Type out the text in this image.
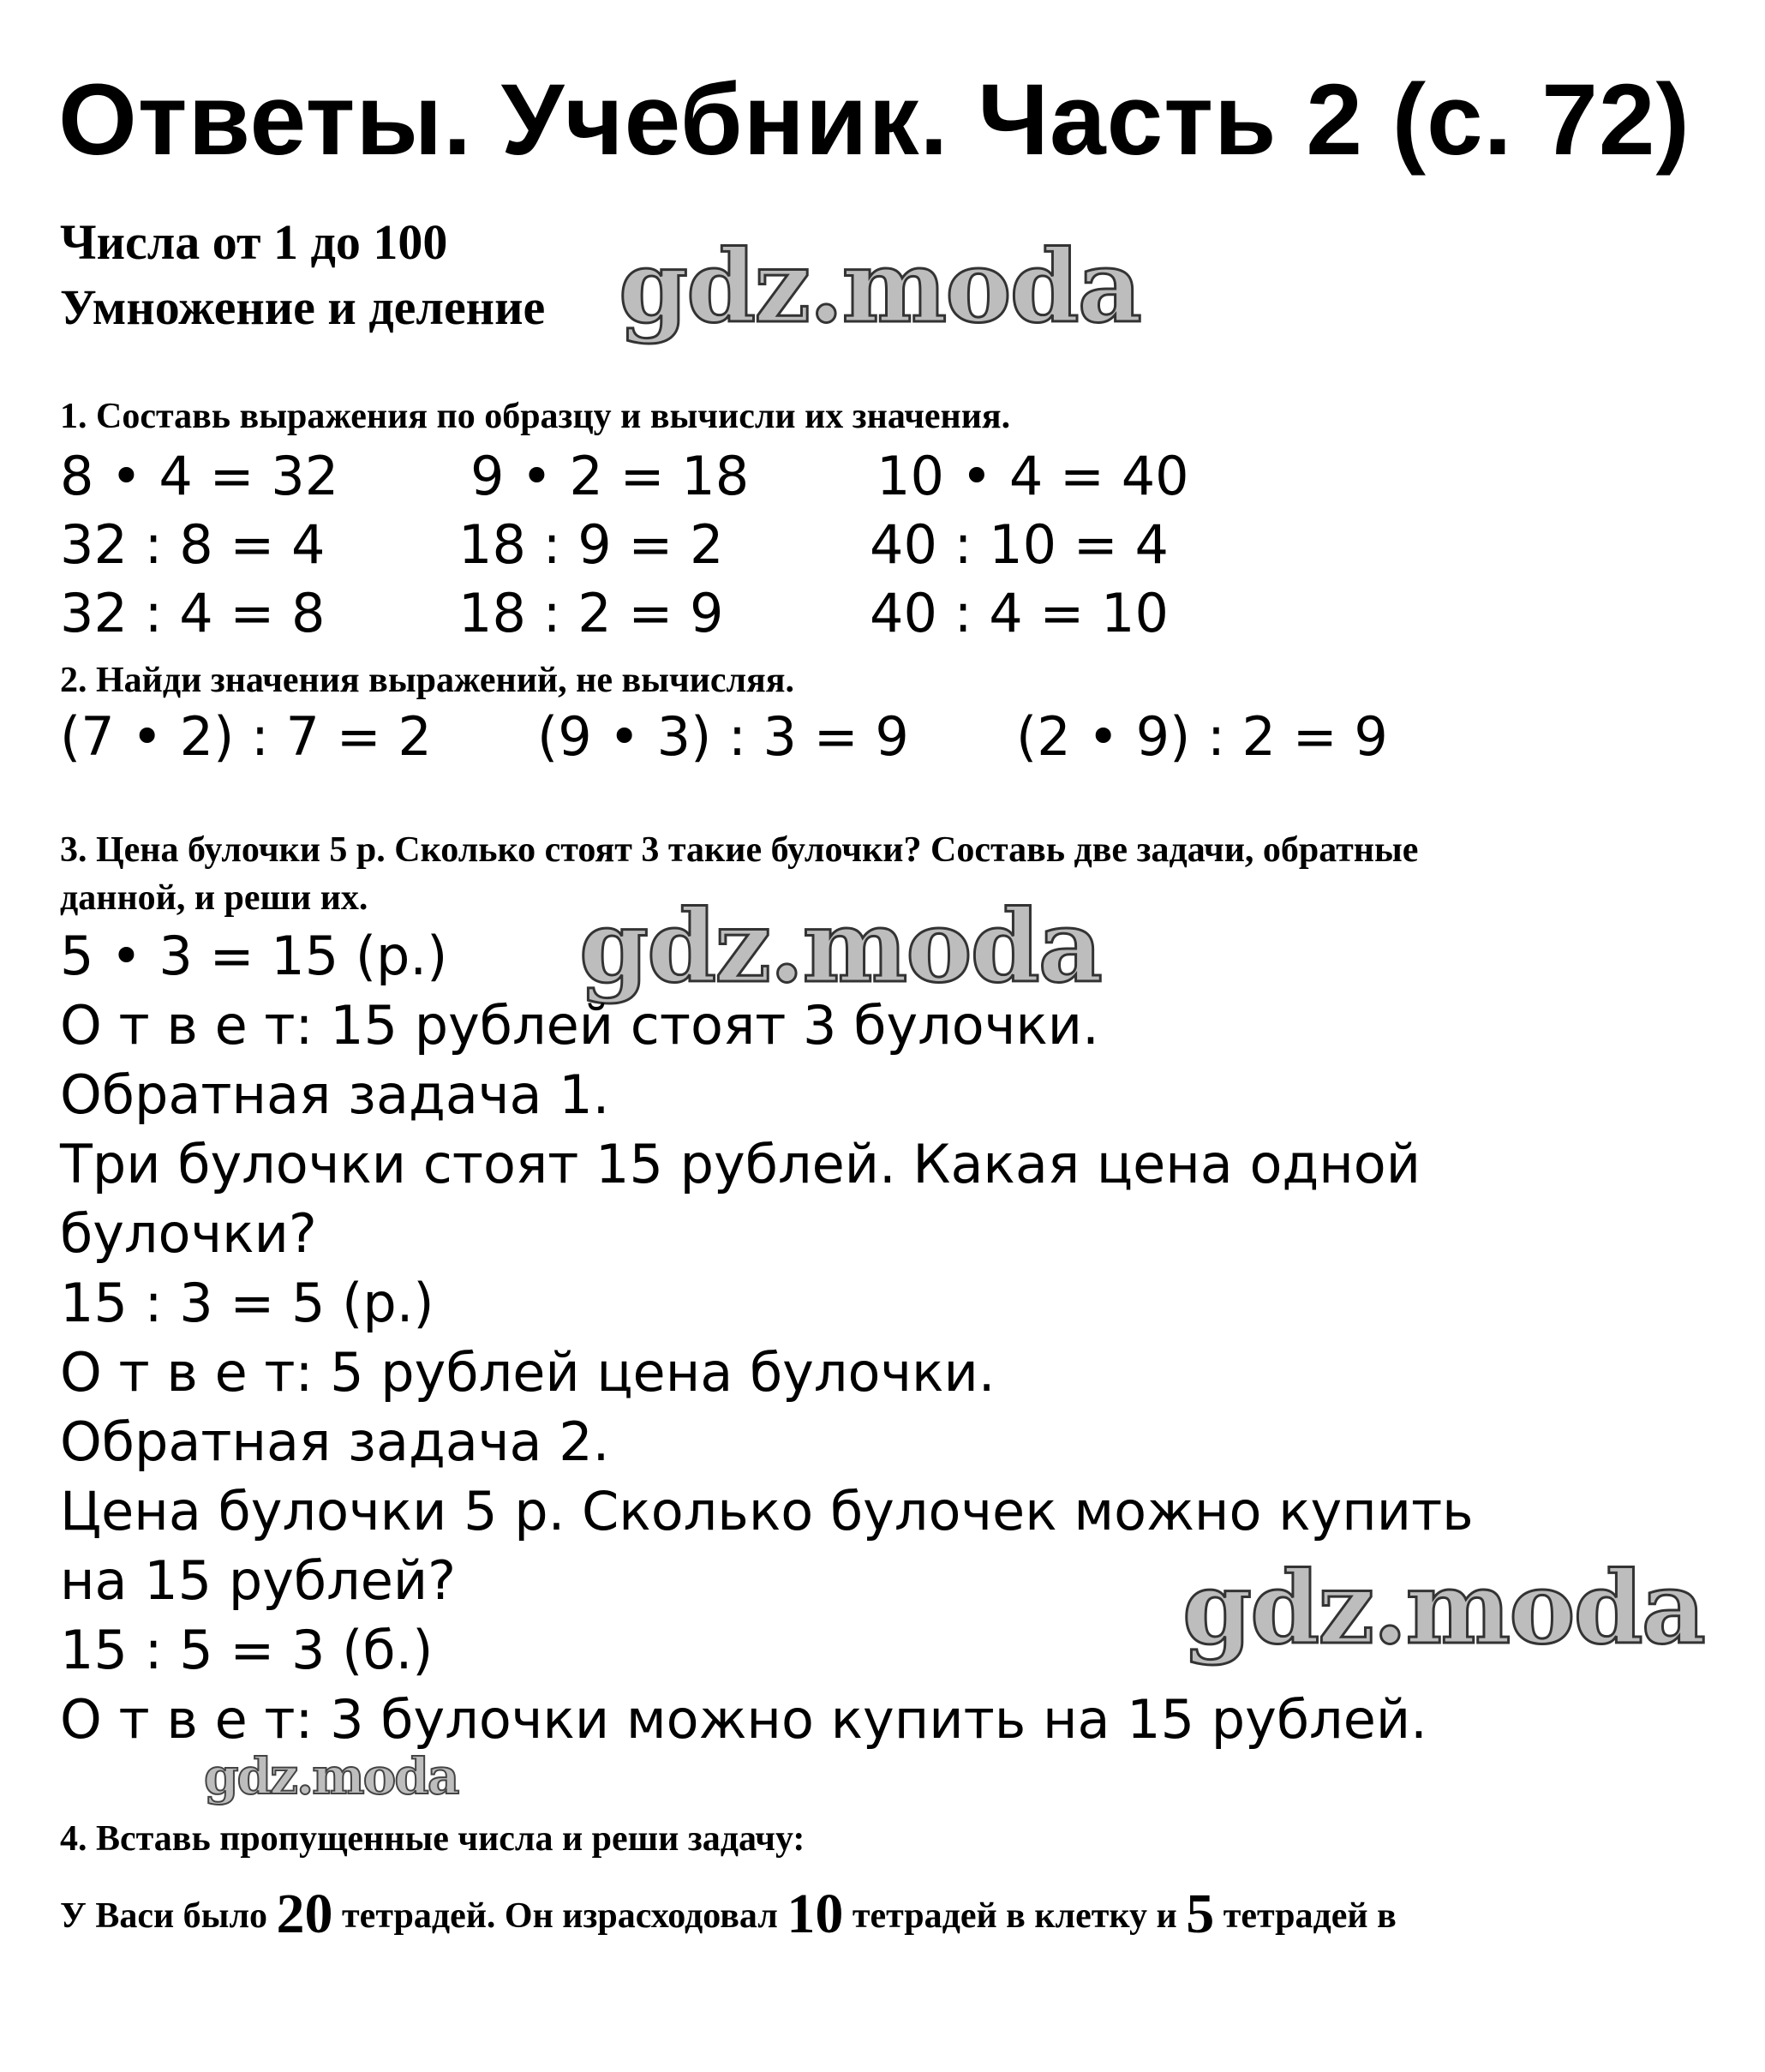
Ответы. Учебник. Часть 2 (с. 72)
Числа от 1 до 100
Умножение и деление gdz.moda
1. Составь выражения по образцу и вычисли их значения.
8 • 4 = 32
32 : 8 = 4
32 : 4 = 8
9 • 2 = 18
18 : 9 = 2
18 : 2 = 9
10 • 4 = 40
40 : 10 = 4
40 : 4 = 10
2. Найди значения выражений, не вычисляя.
(7 • 2) : 7 = 2 (9 • 3) : 3 = 9 (2 • 9) : 2 = 9
3. Цена булочки 5 р. Сколько стоят 3 такие булочки? Составь две задачи, обратные
данной, и реши их. gdz.moda
5 • 3 = 15 (р.)
О т в е т: 15 рублей стоят 3 булочки.
Обратная задача 1.
Три булочки стоят 15 рублей. Какая цена одной
булочки?
15 : 3 = 5 (р.)
О т в е т: 5 рублей цена булочки.
Обратная задача 2.
Цена булочки 5 р. Сколько булочек можно купить
на 15 рублей?	gdz.moda
15 : 5 = 3 (б.)
О т в е т: 3 булочки можно купить на 15 рублей.
gdz.moda
4. Вставь пропущенные числа и реши задачу:
У Васи было 20 тетрадей. Он израсходовал 10 тетрадей в клетку и 5 тетрадей в
